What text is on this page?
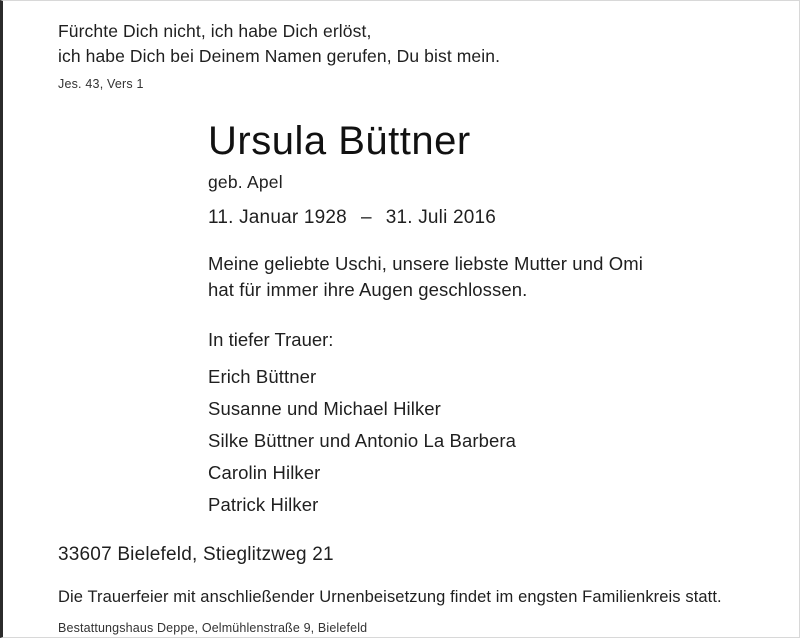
Fürchte Dich nicht, ich habe Dich erlöst,
ich habe Dich bei Deinem Namen gerufen, Du bist mein.
Jes. 43, Vers 1
Ursula Büttner
geb. Apel
11. Januar 1928 – 31. Juli 2016
Meine geliebte Uschi, unsere liebste Mutter und Omi
hat für immer ihre Augen geschlossen.
In tiefer Trauer:
Erich Büttner
Susanne und Michael Hilker
Silke Büttner und Antonio La Barbera
Carolin Hilker
Patrick Hilker
33607 Bielefeld, Stieglitzweg 21
Die Trauerfeier mit anschließender Urnenbeisetzung findet im engsten Familienkreis statt.
Bestattungshaus Deppe, Oelmühlenstraße 9, Bielefeld
